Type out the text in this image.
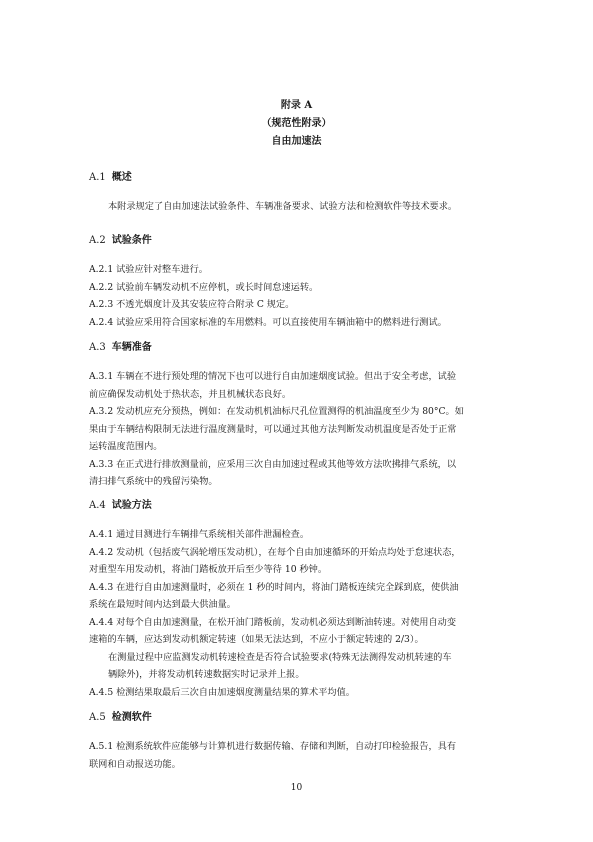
附录 A
（规范性附录）
自由加速法
A.1 概述
本附录规定了自由加速法试验条件、车辆准备要求、试验方法和检测软件等技术要求。
A.2 试验条件
A.2.1 试验应针对整车进行。
A.2.2 试验前车辆发动机不应停机，或长时间怠速运转。
A.2.3 不透光烟度计及其安装应符合附录 C 规定。
A.2.4 试验应采用符合国家标准的车用燃料。可以直接使用车辆油箱中的燃料进行测试。
A.3 车辆准备
A.3.1 车辆在不进行预处理的情况下也可以进行自由加速烟度试验。但出于安全考虑，试验
前应确保发动机处于热状态，并且机械状态良好。
A.3.2 发动机应充分预热，例如：在发动机机油标尺孔位置测得的机油温度至少为 80°C。如
果由于车辆结构限制无法进行温度测量时，可以通过其他方法判断发动机温度是否处于正常
运转温度范围内。
A.3.3 在正式进行排放测量前，应采用三次自由加速过程或其他等效方法吹拂排气系统，以
清扫排气系统中的残留污染物。
A.4 试验方法
A.4.1 通过目测进行车辆排气系统相关部件泄漏检查。
A.4.2 发动机（包括废气涡轮增压发动机），在每个自由加速循环的开始点均处于怠速状态，
对重型车用发动机，将油门踏板放开后至少等待 10 秒钟。
A.4.3 在进行自由加速测量时，必须在 1 秒的时间内，将油门踏板连续完全踩到底，使供油
系统在最短时间内达到最大供油量。
A.4.4 对每个自由加速测量，在松开油门踏板前，发动机必须达到断油转速。对使用自动变
速箱的车辆，应达到发动机额定转速（如果无法达到，不应小于额定转速的 2/3）。
在测量过程中应监测发动机转速检查是否符合试验要求(特殊无法测得发动机转速的车
辆除外)，并将发动机转速数据实时记录并上报。
A.4.5 检测结果取最后三次自由加速烟度测量结果的算术平均值。
A.5 检测软件
A.5.1 检测系统软件应能够与计算机进行数据传输、存储和判断，自动打印检验报告，具有
联网和自动报送功能。
10
